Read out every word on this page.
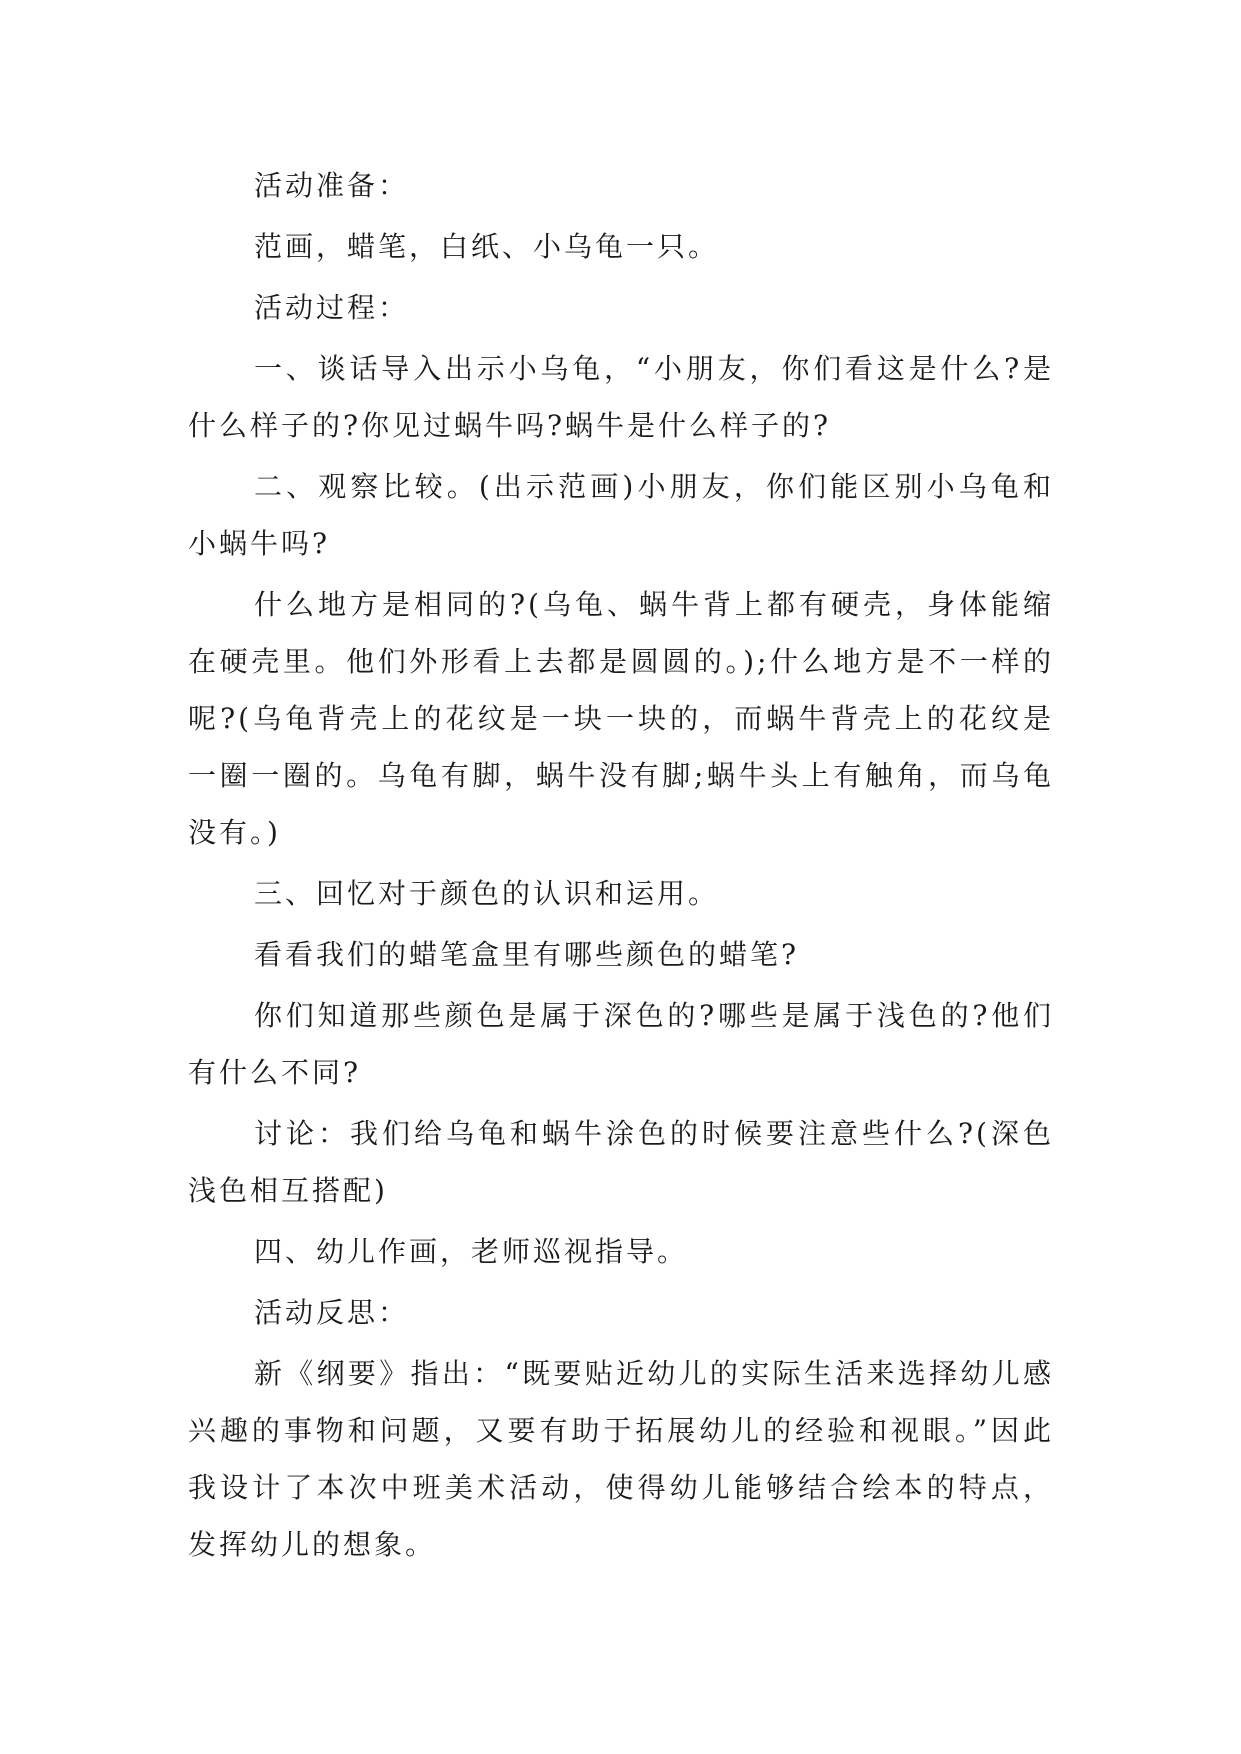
活动准备：

范画，蜡笔，白纸、小乌龟一只。

活动过程：

一、谈话导入出示小乌龟，“小朋友，你们看这是什么?是什么样子的?你见过蜗牛吗?蜗牛是什么样子的?

二、观察比较。(出示范画)小朋友，你们能区别小乌龟和小蜗牛吗?

什么地方是相同的?(乌龟、蜗牛背上都有硬壳，身体能缩在硬壳里。他们外形看上去都是圆圆的。);什么地方是不一样的呢?(乌龟背壳上的花纹是一块一块的，而蜗牛背壳上的花纹是一圈一圈的。乌龟有脚，蜗牛没有脚;蜗牛头上有触角，而乌龟没有。)

三、回忆对于颜色的认识和运用。

看看我们的蜡笔盒里有哪些颜色的蜡笔?

你们知道那些颜色是属于深色的?哪些是属于浅色的?他们有什么不同?

讨论：我们给乌龟和蜗牛涂色的时候要注意些什么?(深色浅色相互搭配)

四、幼儿作画，老师巡视指导。

活动反思：

新《纲要》指出：“既要贴近幼儿的实际生活来选择幼儿感兴趣的事物和问题，又要有助于拓展幼儿的经验和视眼。”因此我设计了本次中班美术活动，使得幼儿能够结合绘本的特点，发挥幼儿的想象。
